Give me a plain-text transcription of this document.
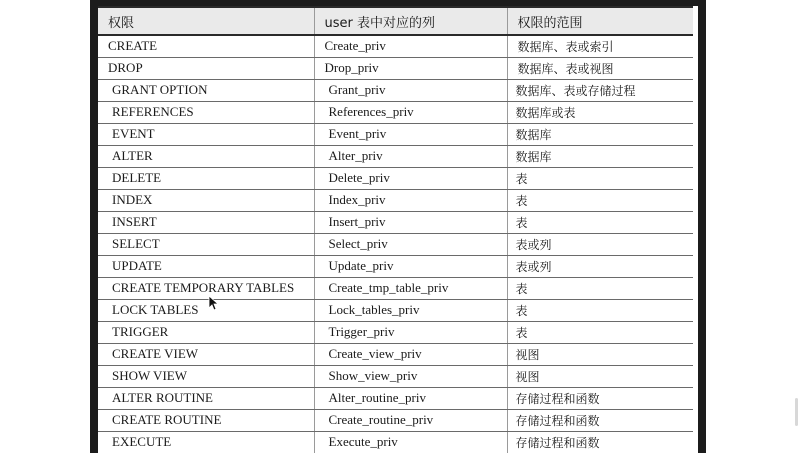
权限	user 表中对应的列	权限的范围
CREATE	Create_priv	数据库、表或索引
DROP	Drop_priv	数据库、表或视图
GRANT OPTION	Grant_priv	数据库、表或存储过程
REFERENCES	References_priv	数据库或表
EVENT	Event_priv	数据库
ALTER	Alter_priv	数据库
DELETE	Delete_priv	表
INDEX	Index_priv	表
INSERT	Insert_priv	表
SELECT	Select_priv	表或列
UPDATE	Update_priv	表或列
CREATE TEMPORARY TABLES	Create_tmp_table_priv	表
LOCK TABLES	Lock_tables_priv	表
TRIGGER	Trigger_priv	表
CREATE VIEW	Create_view_priv	视图
SHOW VIEW	Show_view_priv	视图
ALTER ROUTINE	Alter_routine_priv	存储过程和函数
CREATE ROUTINE	Create_routine_priv	存储过程和函数
EXECUTE	Execute_priv	存储过程和函数
